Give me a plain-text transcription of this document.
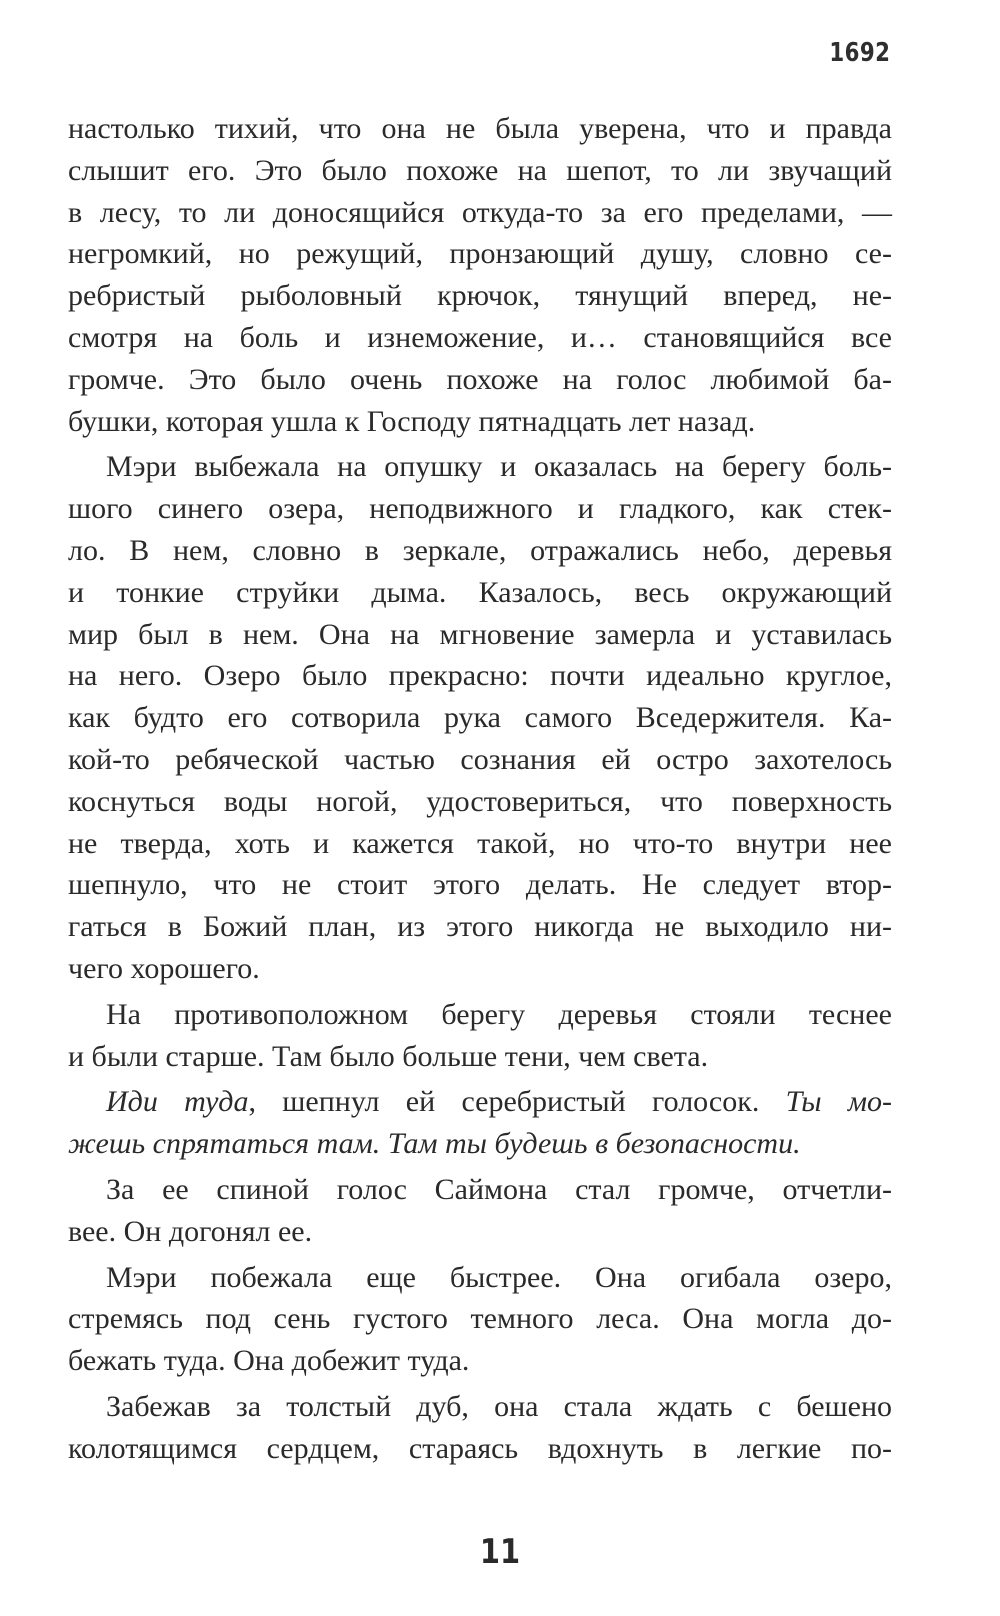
1692
настолько тихий, что она не была уверена, что и правда
слышит его. Это было похоже на шепот, то ли звучащий
в лесу, то ли доносящийся откуда-то за его пределами, —
негромкий, но режущий, пронзающий душу, словно се-
ребристый рыболовный крючок, тянущий вперед, не-
смотря на боль и изнеможение, и… становящийся все
громче. Это было очень похоже на голос любимой ба-
бушки, которая ушла к Господу пятнадцать лет назад.
Мэри выбежала на опушку и оказалась на берегу боль-
шого синего озера, неподвижного и гладкого, как стек-
ло. В нем, словно в зеркале, отражались небо, деревья
и тонкие струйки дыма. Казалось, весь окружающий
мир был в нем. Она на мгновение замерла и уставилась
на него. Озеро было прекрасно: почти идеально круглое,
как будто его сотворила рука самого Вседержителя. Ка-
кой-то ребяческой частью сознания ей остро захотелось
коснуться воды ногой, удостовериться, что поверхность
не тверда, хоть и кажется такой, но что-то внутри нее
шепнуло, что не стоит этого делать. Не следует втор-
гаться в Божий план, из этого никогда не выходило ни-
чего хорошего.
На противоположном берегу деревья стояли теснее
и были старше. Там было больше тени, чем света.
Иди туда, шепнул ей серебристый голосок. Ты мо-
жешь спрятаться там. Там ты будешь в безопасности.
За ее спиной голос Саймона стал громче, отчетли-
вее. Он догонял ее.
Мэри побежала еще быстрее. Она огибала озеро,
стремясь под сень густого темного леса. Она могла до-
бежать туда. Она добежит туда.
Забежав за толстый дуб, она стала ждать с бешено
колотящимся сердцем, стараясь вдохнуть в легкие по-
11
